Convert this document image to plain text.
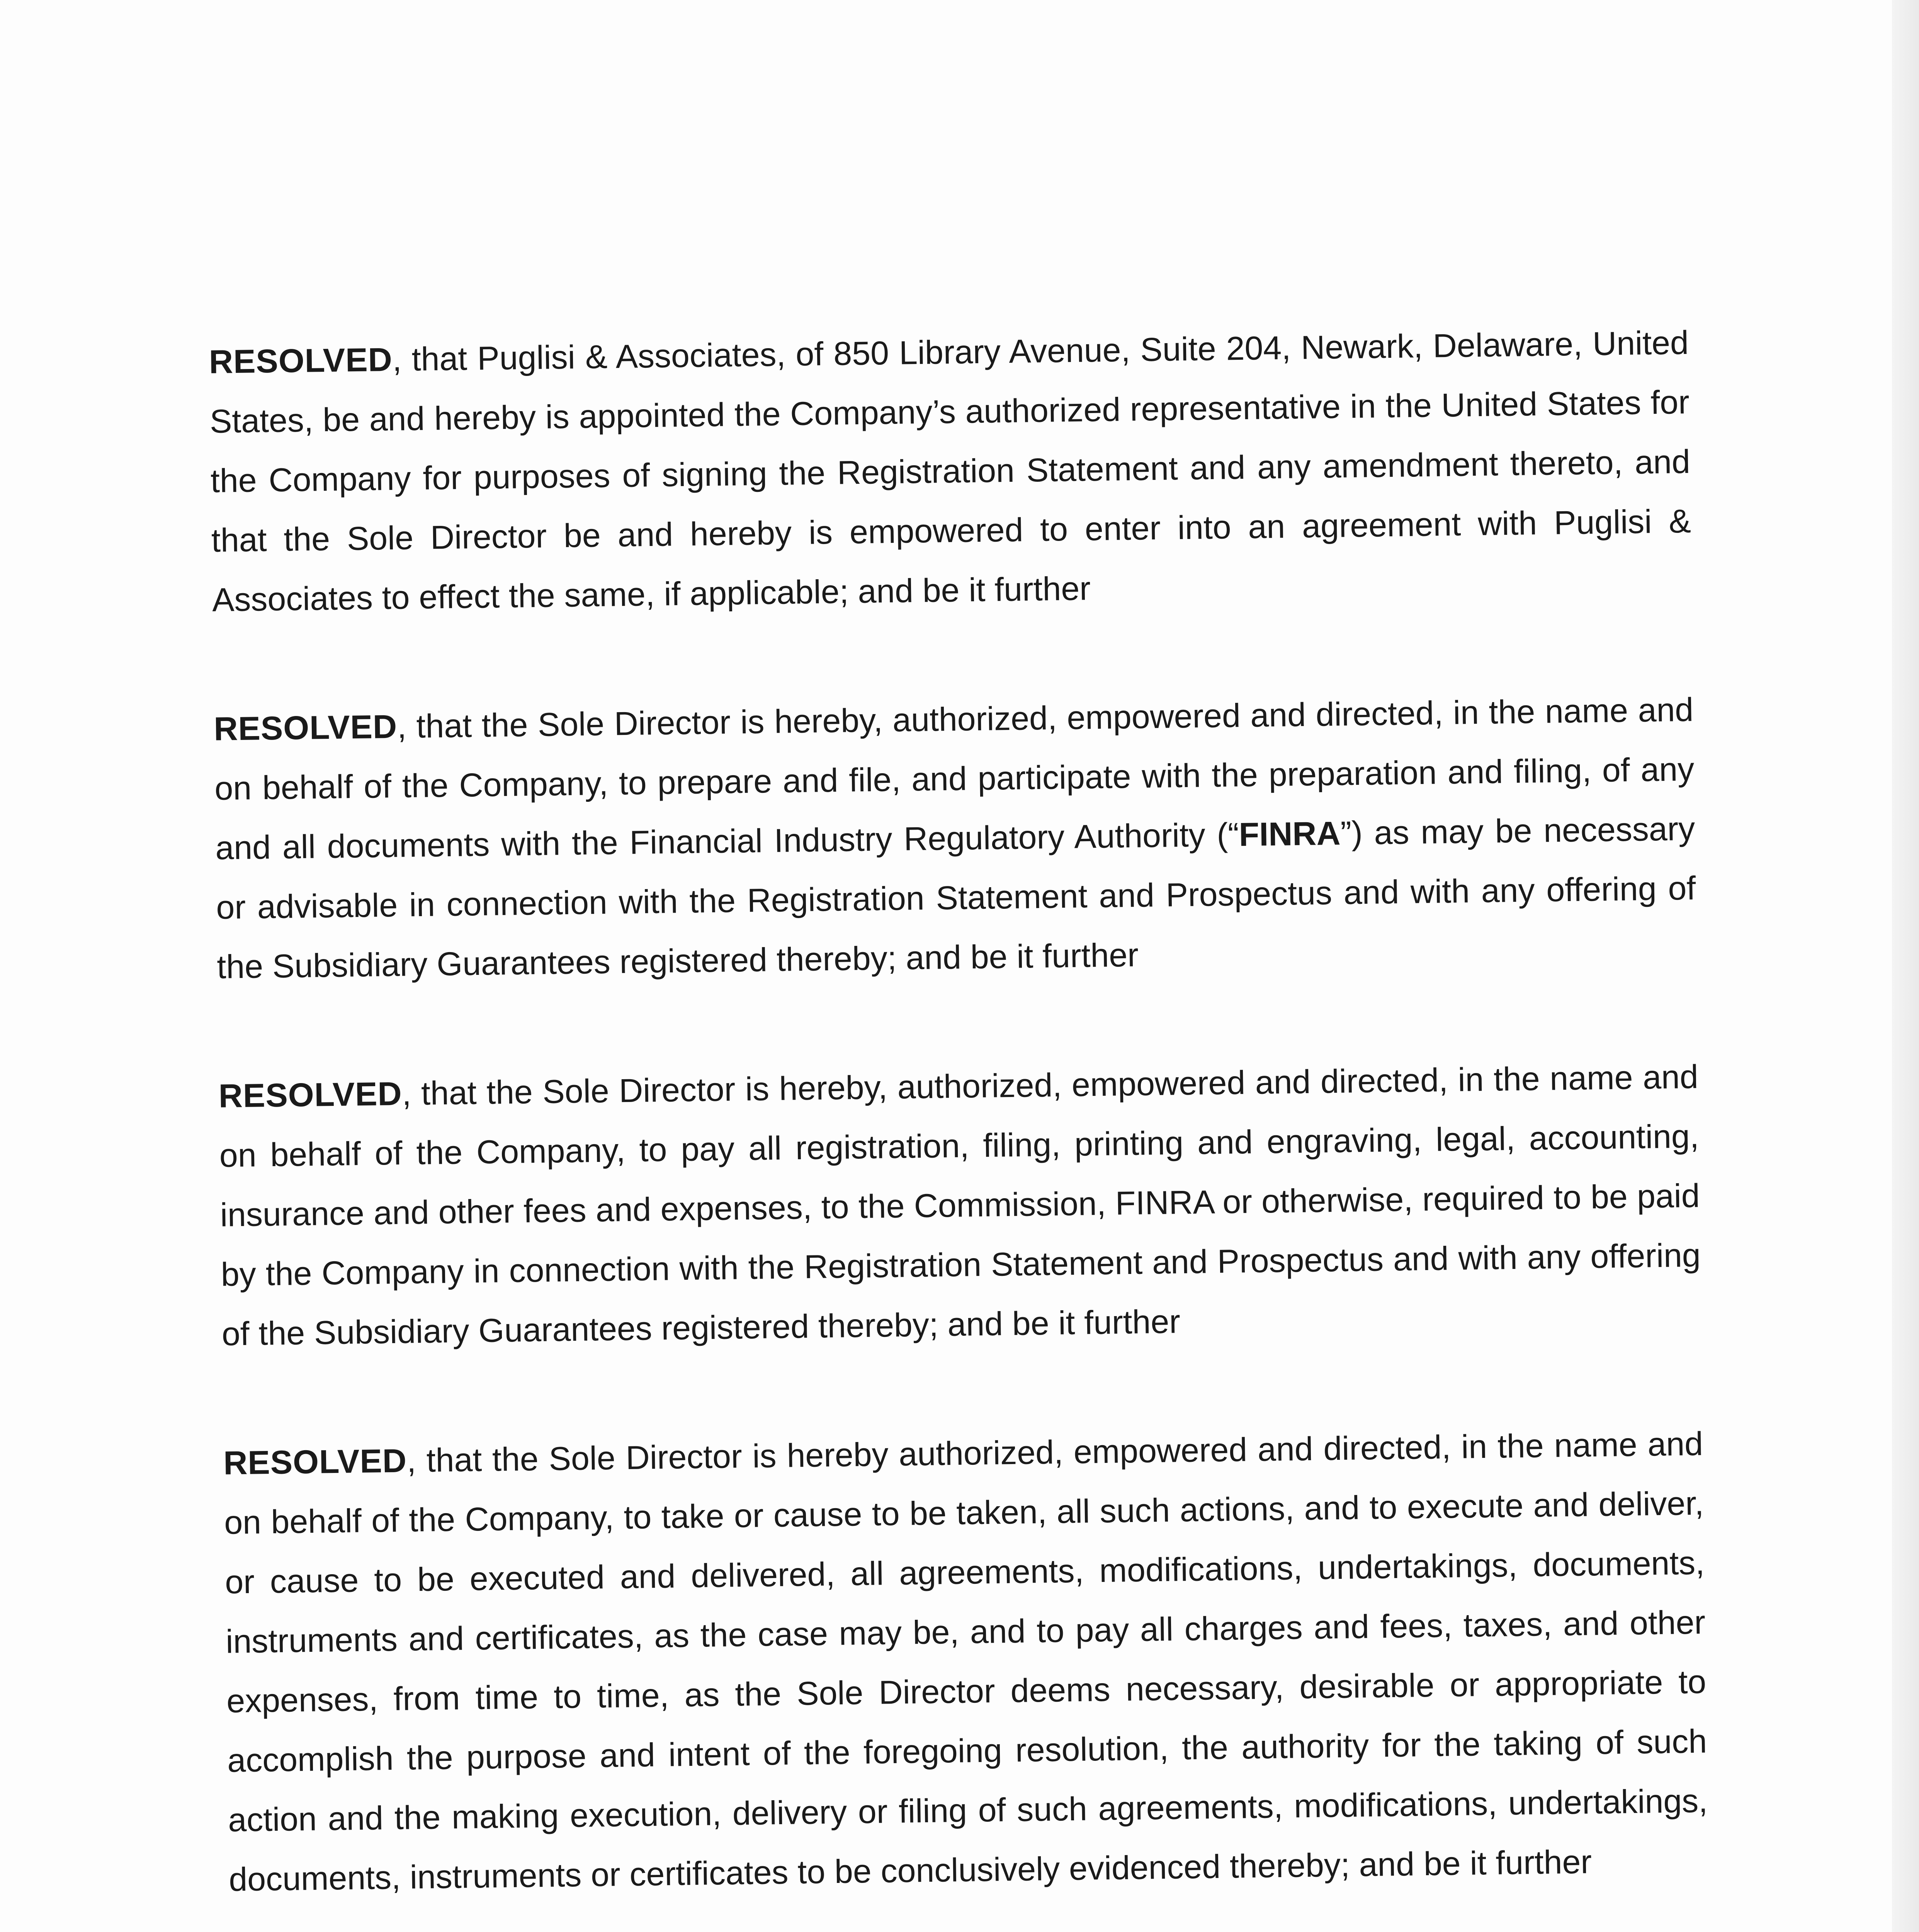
RESOLVED, that Puglisi & Associates, of 850 Library Avenue, Suite 204, Newark, Delaware, United States, be and hereby is appointed the Company’s authorized representative in the United States for the Company for purposes of signing the Registration Statement and any amendment thereto, and that the Sole Director be and hereby is empowered to enter into an agreement with Puglisi & Associates to effect the same, if applicable; and be it further

RESOLVED, that the Sole Director is hereby, authorized, empowered and directed, in the name and on behalf of the Company, to prepare and file, and participate with the preparation and filing, of any and all documents with the Financial Industry Regulatory Authority (“FINRA”) as may be necessary or advisable in connection with the Registration Statement and Prospectus and with any offering of the Subsidiary Guarantees registered thereby; and be it further

RESOLVED, that the Sole Director is hereby, authorized, empowered and directed, in the name and on behalf of the Company, to pay all registration, filing, printing and engraving, legal, accounting, insurance and other fees and expenses, to the Commission, FINRA or otherwise, required to be paid by the Company in connection with the Registration Statement and Prospectus and with any offering of the Subsidiary Guarantees registered thereby; and be it further

RESOLVED, that the Sole Director is hereby authorized, empowered and directed, in the name and on behalf of the Company, to take or cause to be taken, all such actions, and to execute and deliver, or cause to be executed and delivered, all agreements, modifications, undertakings, documents, instruments and certificates, as the case may be, and to pay all charges and fees, taxes, and other expenses, from time to time, as the Sole Director deems necessary, desirable or appropriate to accomplish the purpose and intent of the foregoing resolution, the authority for the taking of such action and the making execution, delivery or filing of such agreements, modifications, undertakings, documents, instruments or certificates to be conclusively evidenced thereby; and be it further
